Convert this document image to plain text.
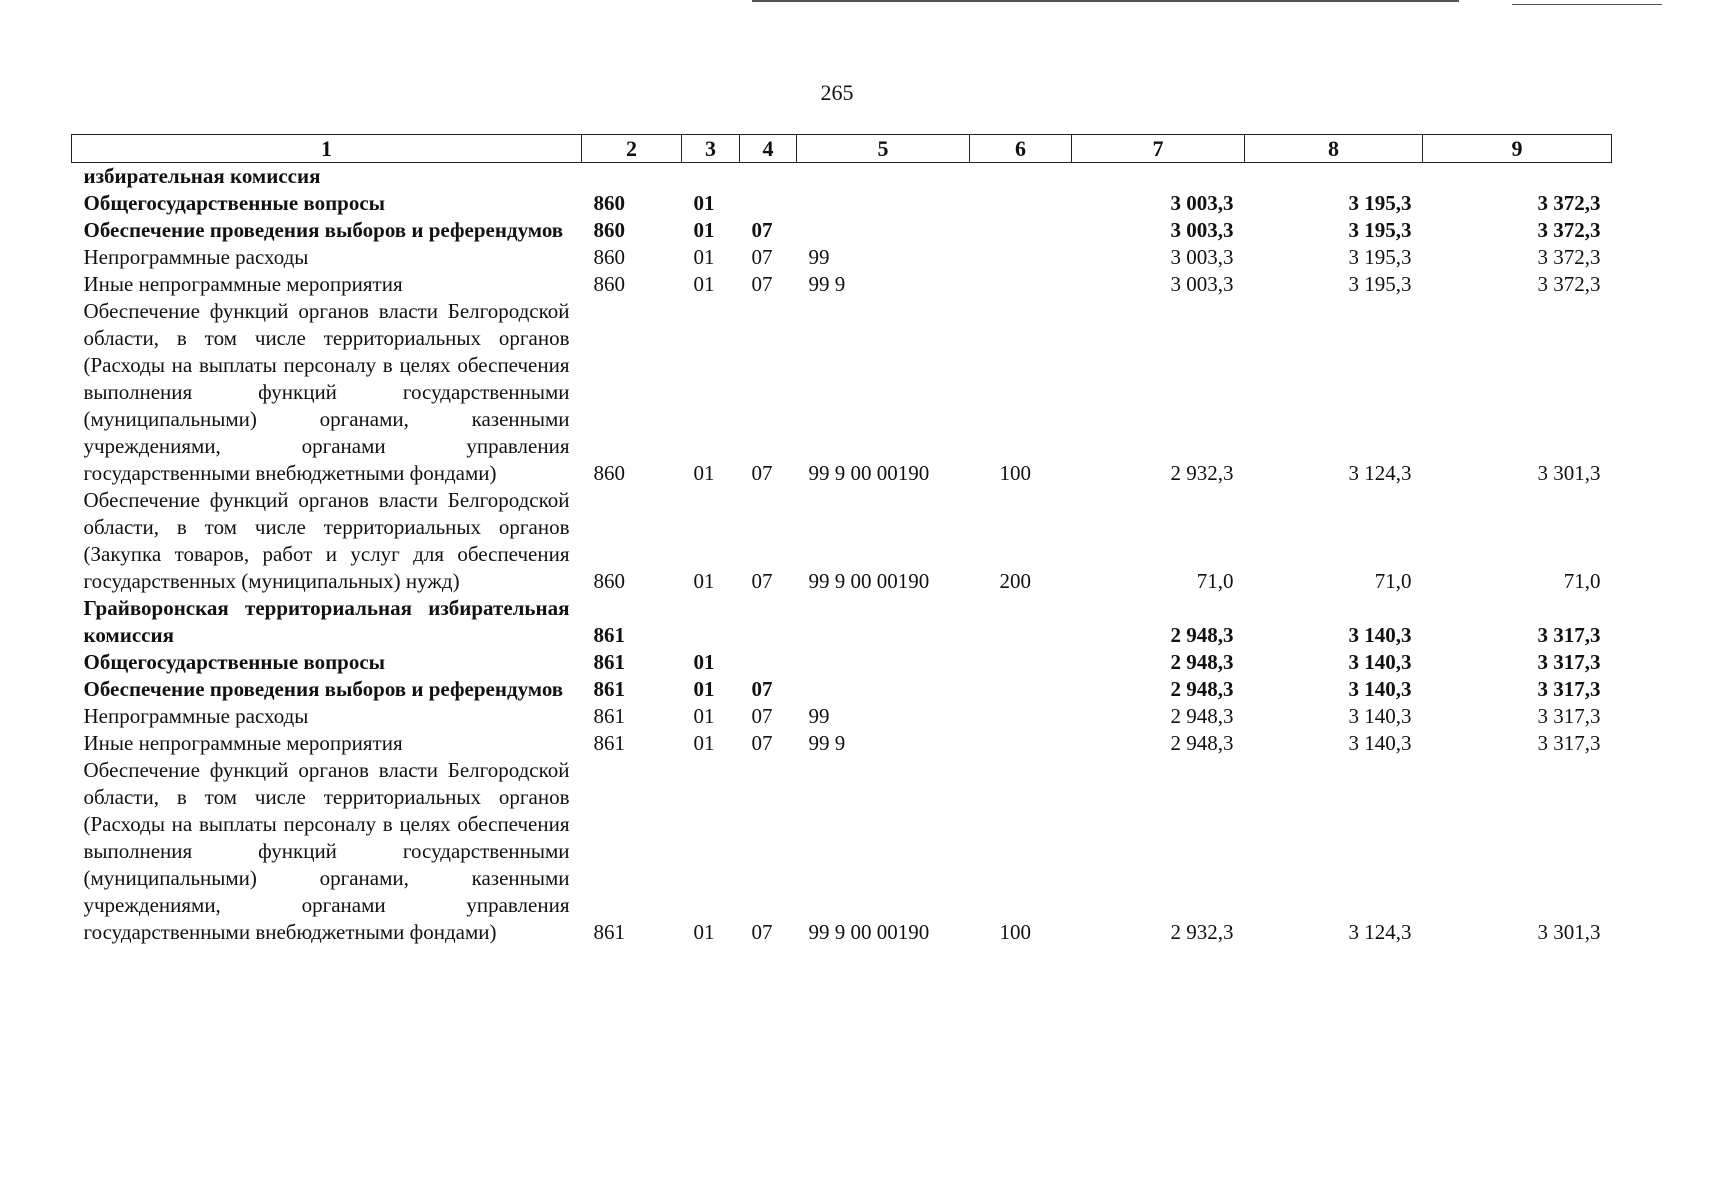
265
1	2	3	4	5	6	7	8	9
избирательная комиссия								
Общегосударственные вопросы	860	01				3 003,3	3 195,3	3 372,3
Обеспечение проведения выборов и референдумов	860	01	07			3 003,3	3 195,3	3 372,3
Непрограммные расходы	860	01	07	99		3 003,3	3 195,3	3 372,3
Иные непрограммные мероприятия	860	01	07	99 9		3 003,3	3 195,3	3 372,3
Обеспечение функций органов власти Белгородской области, в том числе территориальных органов (Расходы на выплаты персоналу в целях обеспечения выполнения функций государственными (муниципальными) органами, казенными учреждениями, органами управления государственными внебюджетными фондами)	860	01	07	99 9 00 00190	100	2 932,3	3 124,3	3 301,3
Обеспечение функций органов власти Белгородской области, в том числе территориальных органов (Закупка товаров, работ и услуг для обеспечения государственных (муниципальных) нужд)	860	01	07	99 9 00 00190	200	71,0	71,0	71,0
Грайворонская территориальная избирательная комиссия	861					2 948,3	3 140,3	3 317,3
Общегосударственные вопросы	861	01				2 948,3	3 140,3	3 317,3
Обеспечение проведения выборов и референдумов	861	01	07			2 948,3	3 140,3	3 317,3
Непрограммные расходы	861	01	07	99		2 948,3	3 140,3	3 317,3
Иные непрограммные мероприятия	861	01	07	99 9		2 948,3	3 140,3	3 317,3
Обеспечение функций органов власти Белгородской области, в том числе территориальных органов (Расходы на выплаты персоналу в целях обеспечения выполнения функций государственными (муниципальными) органами, казенными учреждениями, органами управления государственными внебюджетными фондами)	861	01	07	99 9 00 00190	100	2 932,3	3 124,3	3 301,3
